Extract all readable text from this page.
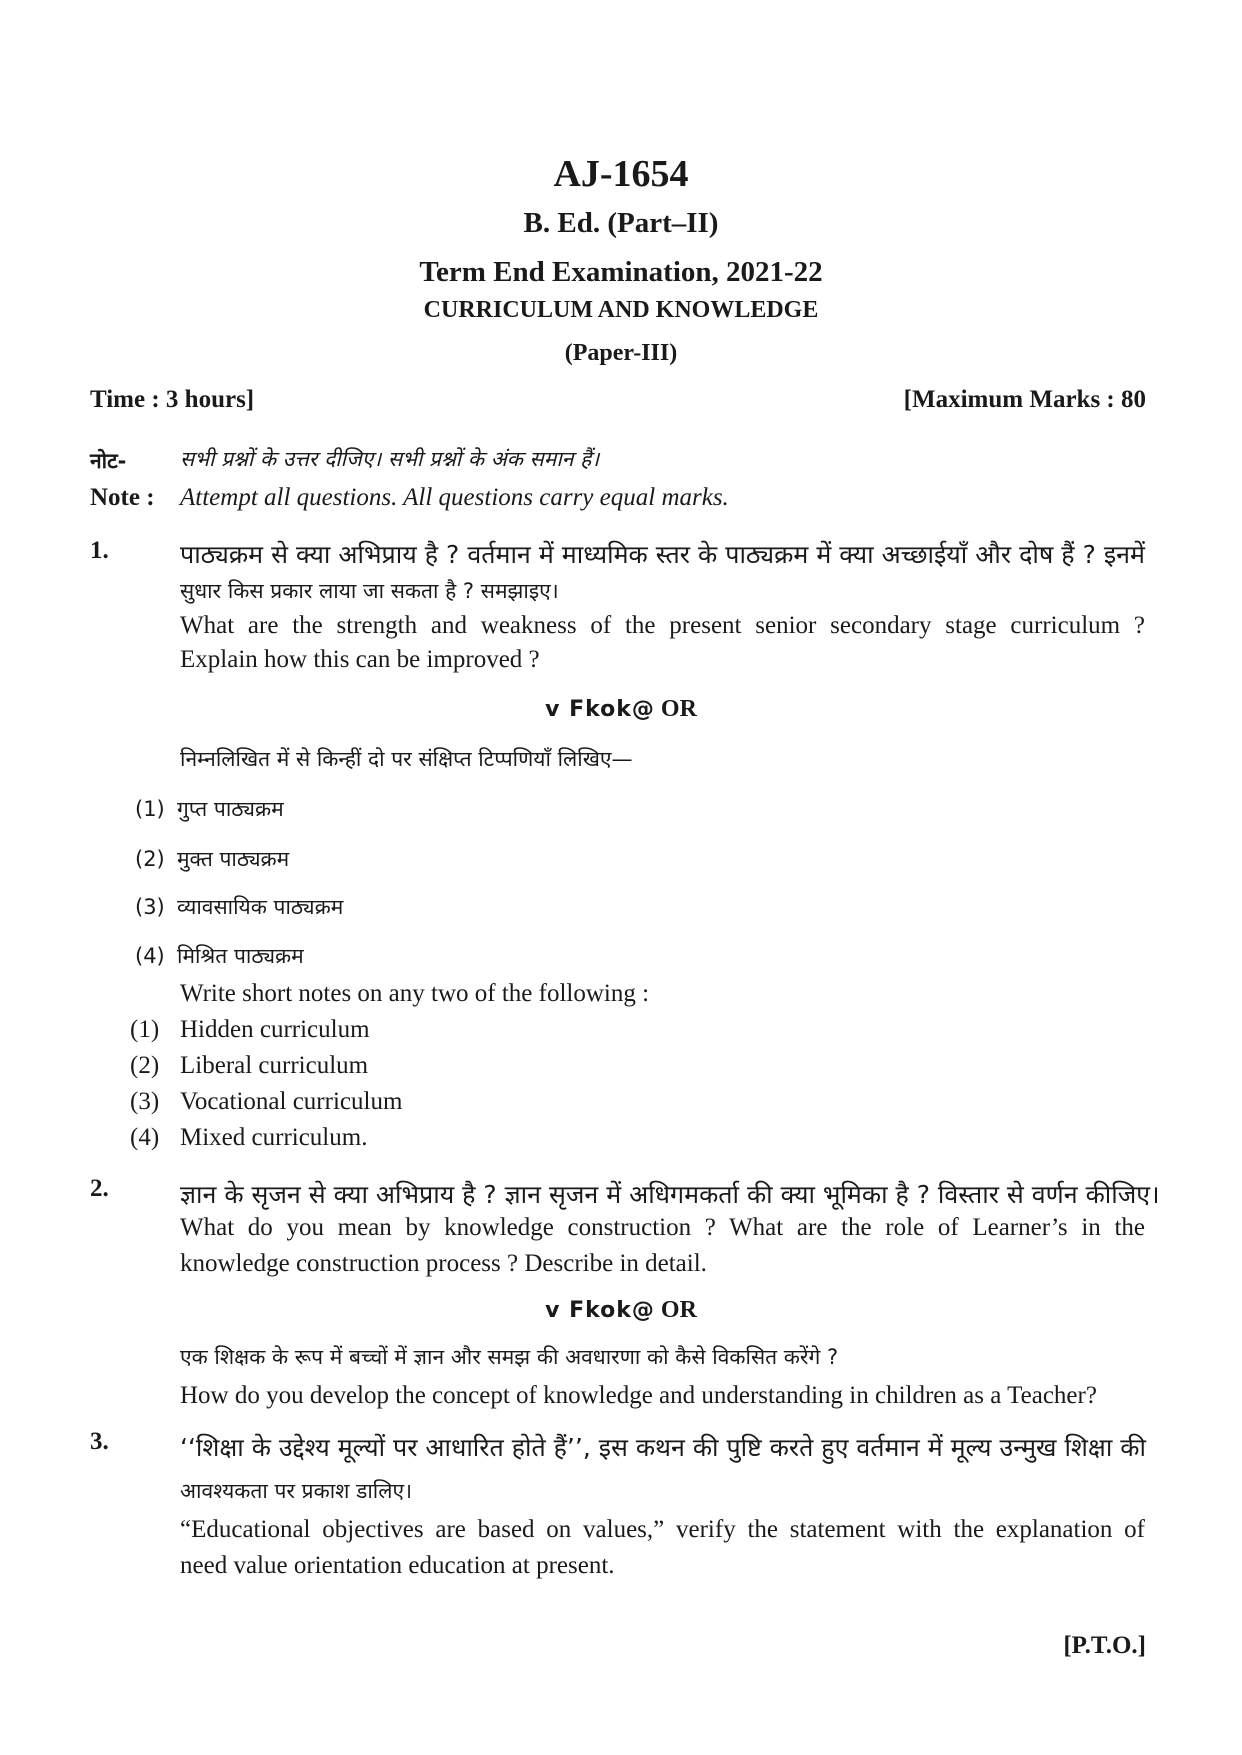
AJ-1654
B. Ed. (Part–II)
Term End Examination, 2021-22
CURRICULUM AND KNOWLEDGE
(Paper-III)
Time : 3 hours]	[Maximum Marks : 80
नोट-	सभी प्रश्नों के उत्तर दीजिए। सभी प्रश्नों के अंक समान हैं।
Note : Attempt all questions. All questions carry equal marks.
1.	पाठ्यक्रम से क्या अभिप्राय है ? वर्तमान में माध्यमिक स्तर के पाठ्यक्रम में क्या अच्छाईयाँ और दोष हैं ? इनमें
सुधार किस प्रकार लाया जा सकता है ? समझाइए।
What are the strength and weakness of the present senior secondary stage curriculum ?
Explain how this can be improved ?
v Fkok@ OR
निम्नलिखित में से किन्हीं दो पर संक्षिप्त टिप्पणियाँ लिखिए—
(1) गुप्त पाठ्यक्रम
(2) मुक्त पाठ्यक्रम
(3) व्यावसायिक पाठ्यक्रम
(4) मिश्रित पाठ्यक्रम
Write short notes on any two of the following :
(1) Hidden curriculum
(2) Liberal curriculum
(3) Vocational curriculum
(4) Mixed curriculum.
2.	ज्ञान के सृजन से क्या अभिप्राय है ? ज्ञान सृजन में अधिगमकर्ता की क्या भूमिका है ? विस्तार से वर्णन कीजिए।
What do you mean by knowledge construction ? What are the role of Learner’s in the
knowledge construction process ? Describe in detail.
v Fkok@ OR
एक शिक्षक के रूप में बच्चों में ज्ञान और समझ की अवधारणा को कैसे विकसित करेंगे ?
How do you develop the concept of knowledge and understanding in children as a Teacher?
3.	‘‘शिक्षा के उद्देश्य मूल्यों पर आधारित होते हैं’’, इस कथन की पुष्टि करते हुए वर्तमान में मूल्य उन्मुख शिक्षा की
आवश्यकता पर प्रकाश डालिए।
“Educational objectives are based on values,” verify the statement with the explanation of
need value orientation education at present.
[P.T.O.]
